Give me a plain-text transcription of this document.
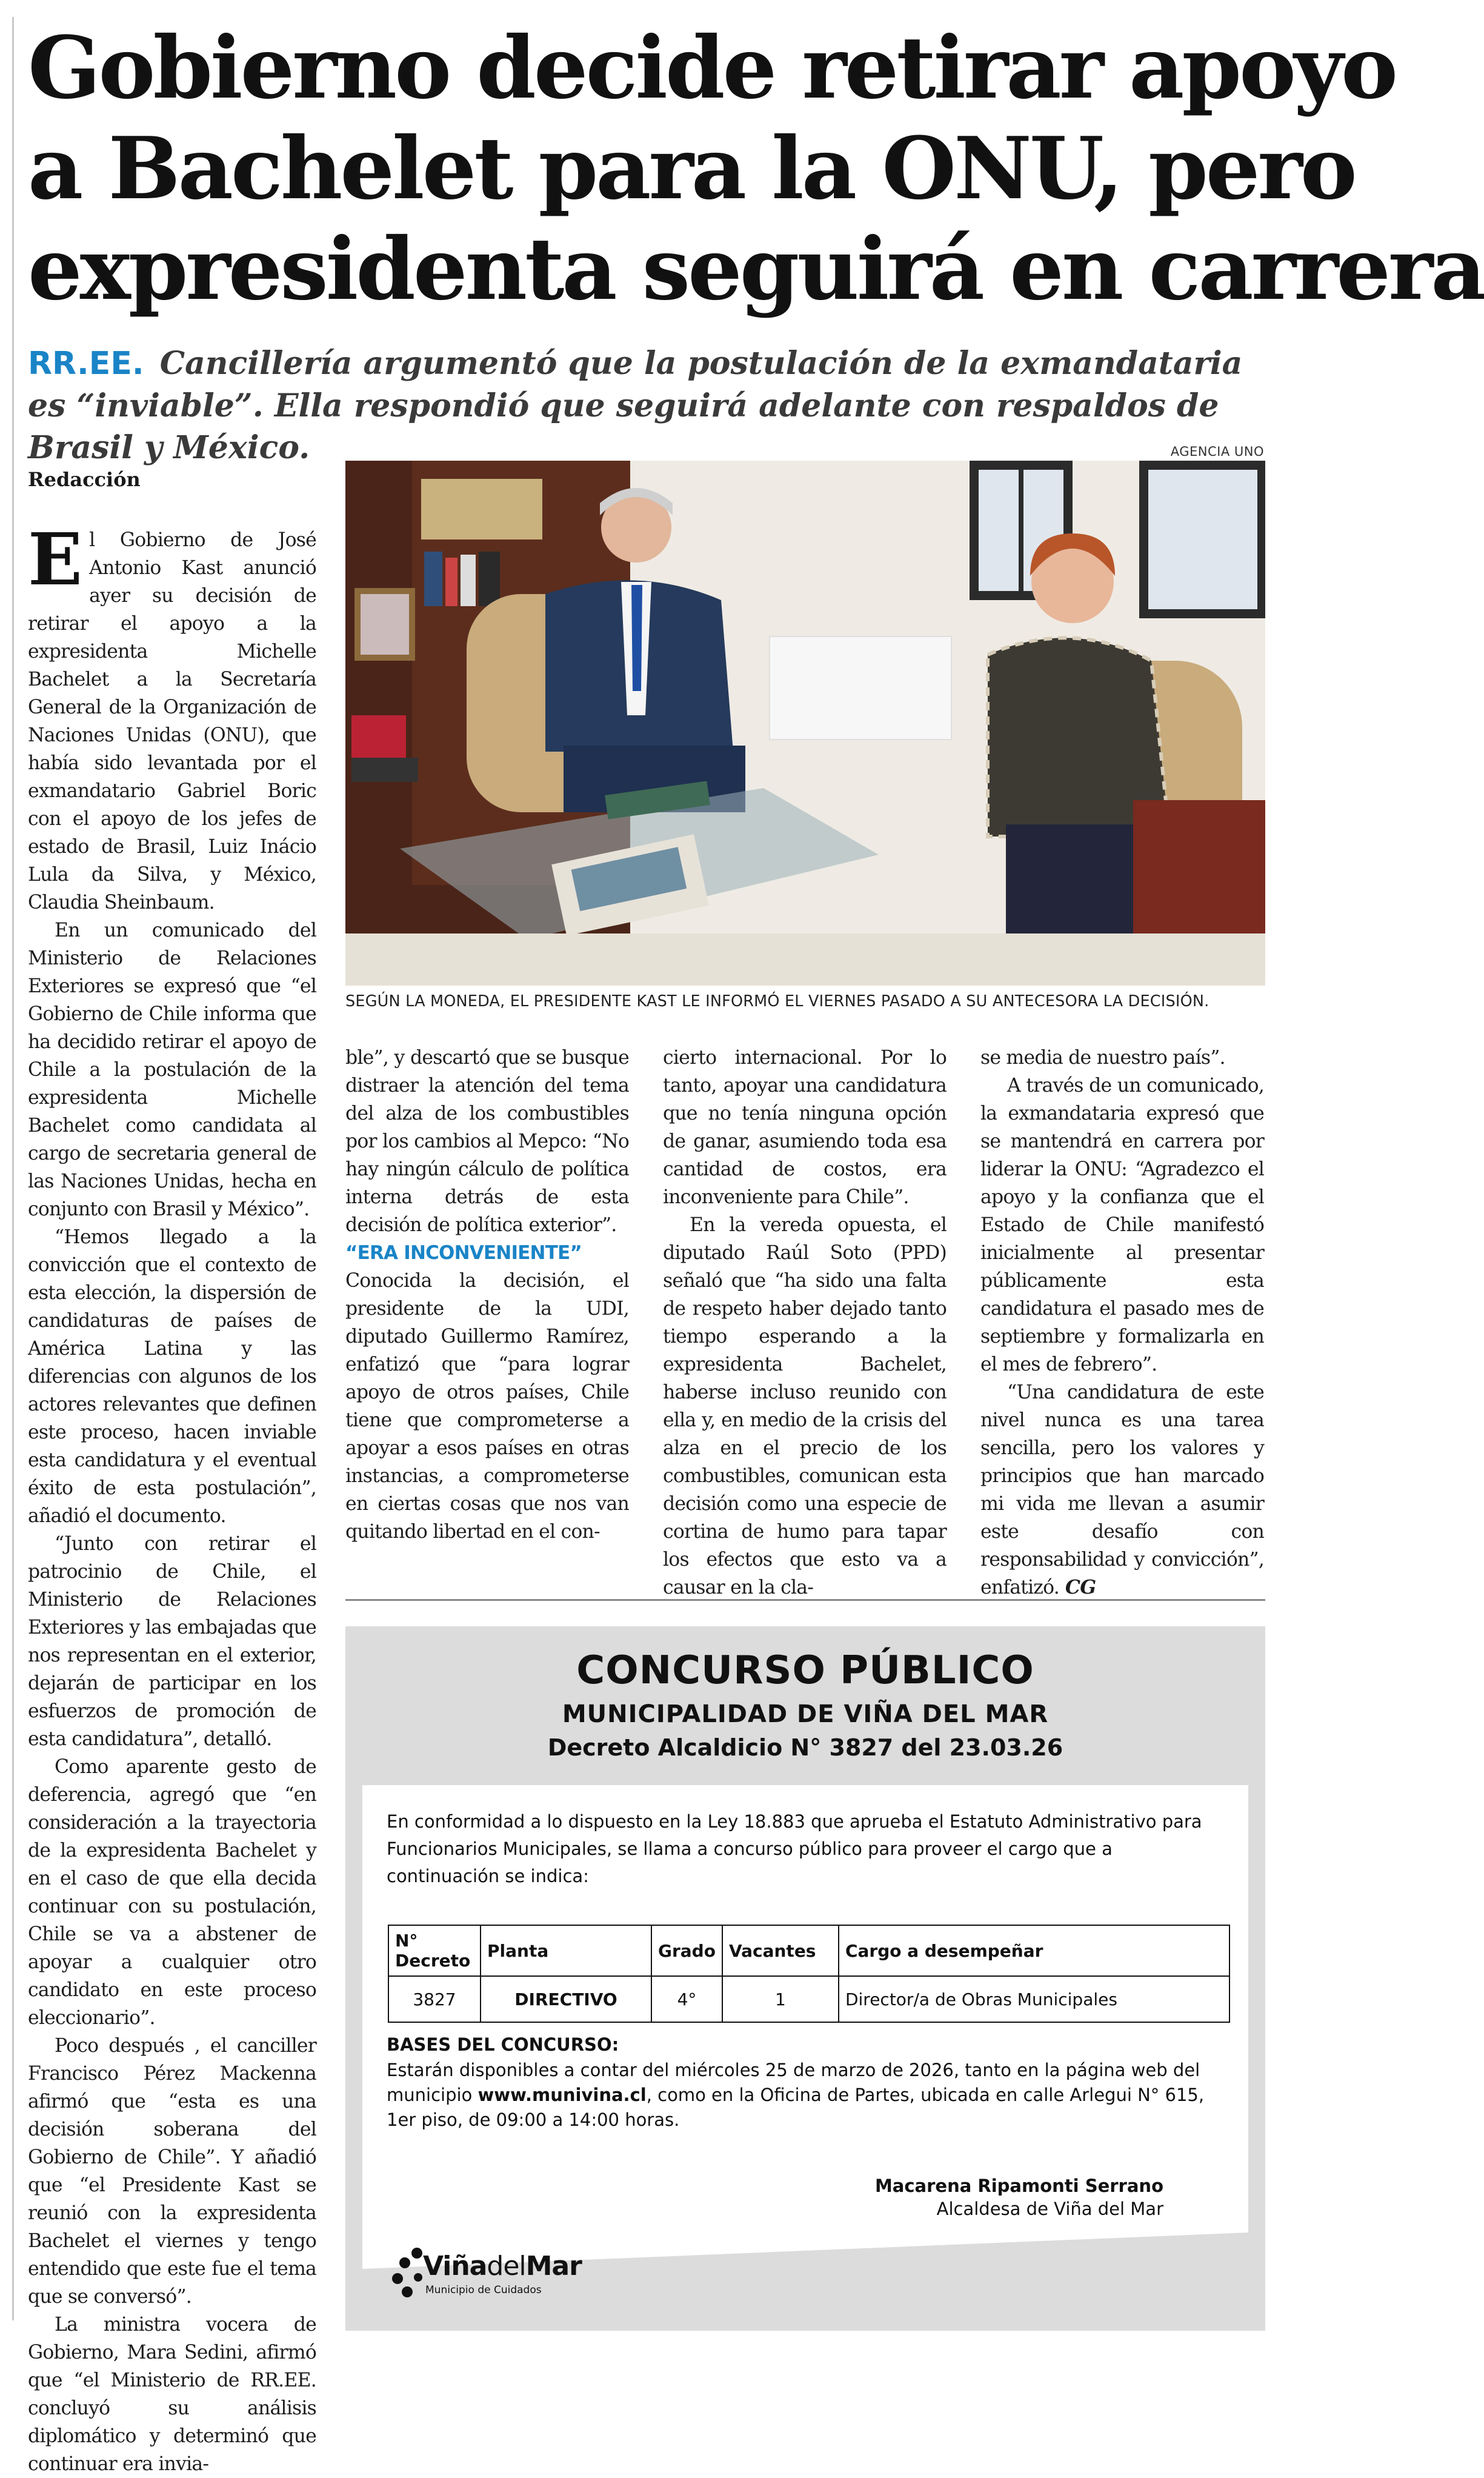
Gobierno decide retirar apoyo
a Bachelet para la ONU, pero
expresidenta seguirá en carrera
RR.EE. Cancillería argumentó que la postulación de la exmandataria es “inviable”. Ella respondió que seguirá adelante con respaldos de Brasil y México.
Redacción

El Gobierno de José Antonio Kast anunció ayer su decisión de retirar el apoyo a la expresidenta Michelle Bachelet a la Secretaría General de la Organización de Naciones Unidas (ONU), que había sido levantada por el exmandatario Gabriel Boric con el apoyo de los jefes de estado de Brasil, Luiz Inácio Lula da Silva, y México, Claudia Sheinbaum.

En un comunicado del Ministerio de Relaciones Exteriores se expresó que “el Gobierno de Chile informa que ha decidido retirar el apoyo de Chile a la postulación de la expresidenta Michelle Bachelet como candidata al cargo de secretaria general de las Naciones Unidas, hecha en conjunto con Brasil y México”.

“Hemos llegado a la convicción que el contexto de esta elección, la dispersión de candidaturas de países de América Latina y las diferencias con algunos de los actores relevantes que definen este proceso, hacen inviable esta candidatura y el eventual éxito de esta postulación”, añadió el documento.

“Junto con retirar el patrocinio de Chile, el Ministerio de Relaciones Exteriores y las embajadas que nos representan en el exterior, dejarán de participar en los esfuerzos de promoción de esta candidatura”, detalló.

Como aparente gesto de deferencia, agregó que “en consideración a la trayectoria de la expresidenta Bachelet y en el caso de que ella decida continuar con su postulación, Chile se va a abstener de apoyar a cualquier otro candidato en este proceso eleccionario”.

Poco después , el canciller Francisco Pérez Mackenna afirmó que “esta es una decisión soberana del Gobierno de Chile”. Y añadió que “el Presidente Kast se reunió con la expresidenta Bachelet el viernes y tengo entendido que este fue el tema que se conversó”.

La ministra vocera de Gobierno, Mara Sedini, afirmó que “el Ministerio de RR.EE. concluyó su análisis diplomático y determinó que continuar era invia-

AGENCIA UNO
SEGÚN LA MONEDA, EL PRESIDENTE KAST LE INFORMÓ EL VIERNES PASADO A SU ANTECESORA LA DECISIÓN.

ble”, y descartó que se busque distraer la atención del tema del alza de los combustibles por los cambios al Mepco: “No hay ningún cálculo de política interna detrás de esta decisión de política exterior”.

“ERA INCONVENIENTE”

Conocida la decisión, el presidente de la UDI, diputado Guillermo Ramírez, enfatizó que “para lograr apoyo de otros países, Chile tiene que comprometerse a apoyar a esos países en otras instancias, a comprometerse en ciertas cosas que nos van quitando libertad en el con-

cierto internacional. Por lo tanto, apoyar una candidatura que no tenía ninguna opción de ganar, asumiendo toda esa cantidad de costos, era inconveniente para Chile”.

En la vereda opuesta, el diputado Raúl Soto (PPD) señaló que “ha sido una falta de respeto haber dejado tanto tiempo esperando a la expresidenta Bachelet, haberse incluso reunido con ella y, en medio de la crisis del alza en el precio de los combustibles, comunican esta decisión como una especie de cortina de humo para tapar los efectos que esto va a causar en la cla-

se media de nuestro país”.

A través de un comunicado, la exmandataria expresó que se mantendrá en carrera por liderar la ONU: “Agradezco el apoyo y la confianza que el Estado de Chile manifestó inicialmente al presentar públicamente esta candidatura el pasado mes de septiembre y formalizarla en el mes de febrero”.

“Una candidatura de este nivel nunca es una tarea sencilla, pero los valores y principios que han marcado mi vida me llevan a asumir este desafío con responsabilidad y convicción”, enfatizó. CG

CONCURSO PÚBLICO
MUNICIPALIDAD DE VIÑA DEL MAR
Decreto Alcaldicio N° 3827 del 23.03.26
En conformidad a lo dispuesto en la Ley 18.883 que aprueba el Estatuto Administrativo para Funcionarios Municipales, se llama a concurso público para proveer el cargo que a continuación se indica:
N° Decreto	Planta	Grado	Vacantes	Cargo a desempeñar
3827	DIRECTIVO	4°	1	Director/a de Obras Municipales
BASES DEL CONCURSO:
Estarán disponibles a contar del miércoles 25 de marzo de 2026, tanto en la página web del municipio www.munivina.cl, como en la Oficina de Partes, ubicada en calle Arlegui N° 615, 1er piso, de 09:00 a 14:00 horas.
Macarena Ripamonti Serrano
Alcaldesa de Viña del Mar
ViñadelMar
Municipio de Cuidados
